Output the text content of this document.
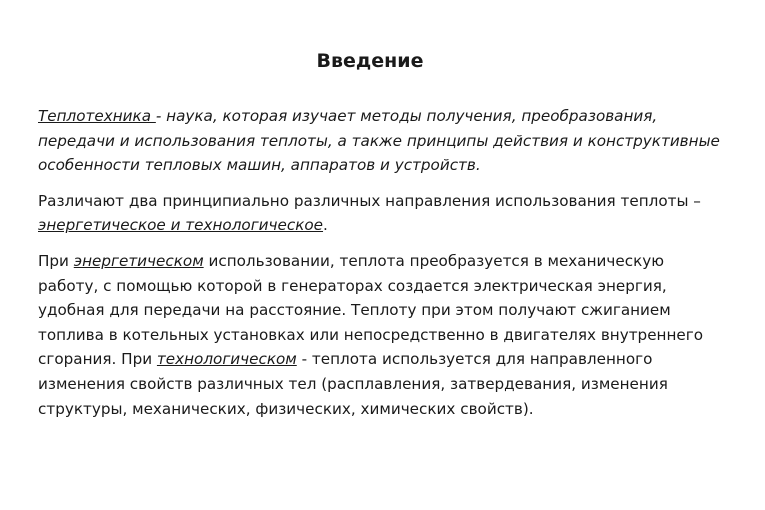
Введение

Теплотехника - наука, которая изучает методы получения, преобразования, передачи и использования теплоты, а также принципы действия и конструктивные особенности тепловых машин, аппаратов и устройств.

Различают два принципиально различных направления использования теплоты – энергетическое и технологическое.

При энергетическом использовании, теплота преобразуется в механическую работу, с помощью которой в генераторах создается электрическая энергия, удобная для передачи на расстояние. Теплоту при этом получают сжиганием топлива в котельных установках или непосредственно в двигателях внутреннего сгорания. При технологическом - теплота используется для направленного изменения свойств различных тел (расплавления, затвердевания, изменения структуры, механических, физических, химических свойств).
